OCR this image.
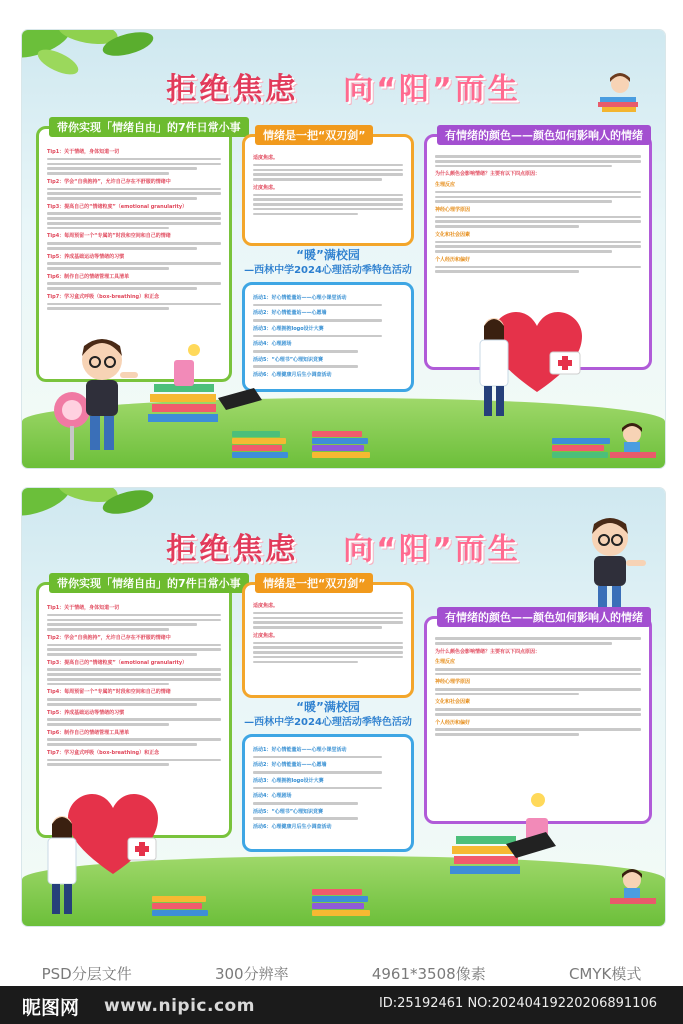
拒绝焦虑 向“阳”而生
带你实现「情绪自由」的7件日常小事
Tip1：关于情绪，身体知道一切
Tip2：学会“自我抱持”，允许自己存在不舒服的情绪中
Tip3：提高自己的“情绪粒度”（emotional granularity）
Tip4：每周预留一个“专属的”时段和空间和自己的情绪
Tip5：养成基础运动等情绪的习惯
Tip6：制作自己的情绪管理工具清单
Tip7：学习盒式呼吸（box-breathing）和正念
情绪是一把“双刃剑”
适度焦虑。
过度焦虑。
“暖”满校园
—西林中学2024心理活动季特色活动
活动1：好心情能量站——心理小课堂活动
活动2：好心情能量站——心愿墙
活动3：心理拥抱logo设计大赛
活动4：心理剧场
活动5：“心理书”心理知识竞赛
活动6：心理健康月后生小调查活动
有情绪的颜色——颜色如何影响人的情绪
为什么颜色会影响情绪？主要有以下四点原因：
生理反应
神经心理学原因
文化和社会因素
个人经历和偏好
拒绝焦虑 向“阳”而生
带你实现「情绪自由」的7件日常小事
Tip1：关于情绪，身体知道一切
Tip2：学会“自我抱持”，允许自己存在不舒服的情绪中
Tip3：提高自己的“情绪粒度”（emotional granularity）
Tip4：每周预留一个“专属的”时段和空间和自己的情绪
Tip5：养成基础运动等情绪的习惯
Tip6：制作自己的情绪管理工具清单
Tip7：学习盒式呼吸（box-breathing）和正念
情绪是一把“双刃剑”
适度焦虑。
过度焦虑。
“暖”满校园
—西林中学2024心理活动季特色活动
活动1：好心情能量站——心理小课堂活动
活动2：好心情能量站——心愿墙
活动3：心理拥抱logo设计大赛
活动4：心理剧场
活动5：“心理书”心理知识竞赛
活动6：心理健康月后生小调查活动
有情绪的颜色——颜色如何影响人的情绪
为什么颜色会影响情绪？主要有以下四点原因：
生理反应
神经心理学原因
文化和社会因素
个人经历和偏好
PSD分层文件	300分辨率	4961*3508像素	CMYK模式
昵图网 www.nipic.com	ID:25192461 NO:20240419220206891106
